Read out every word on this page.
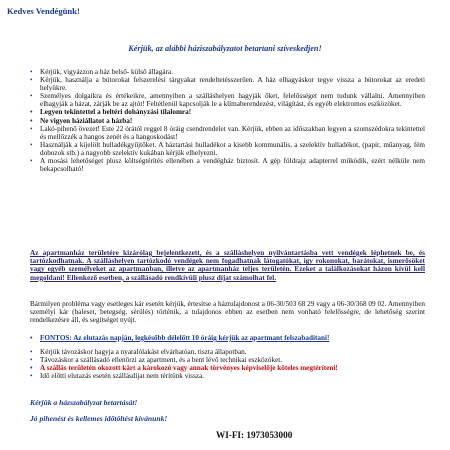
Kedves Vendégünk!
Kérjük, az alábbi háziszabályzatot betartani szíveskedjen!
• Kérjük, vigyázzon a ház belső- külső állagára.
• Kérjük, használja a bútorokat felszerelési tárgyakat rendeltetésszerűen. A ház elhagyáskor tegye vissza a bútorokat az eredeti helyükre.
• Személyes dolgaikra és értékeikre, amennyiben a szálláshelyen hagyják őket, felelősséget nem tudunk vállalni. Amennyiben elhagyják a házat, zárják be az ajtót! Feltétlenül kapcsolják le a klímaberendezést, világítást, és egyéb elektromos eszközöket.
• Legyen tekintettel a beltéri dohányzási tilalomra!
• Ne vigyen háziállatot a házba!
• Lakó-pihenő övezet! Este 22 órától reggel 8 óráig csendrendelet van. Kérjük, ebben az időszakban legyen a szomszédokra tekintettel és mellőzzék a hangos zenét és a hangoskodást!
• Használják a kijelölt hulladékgyűjtőket. A háztartási hulladékot a kisebb kommunális, a szelektív hulladékot, (papír, műanyag, fém dobozok stb.) a nagyobb szelektív kukában kérjük elhelyezni.
• A mosási lehetőséget plusz költségtérítés ellenében a vendégház biztosít. A gép földrajz adapterrel működik, ezért nélküle nem bekapcsolható!
Az apartmanház területére kizárólag bejelentkezett, és a szálláshelyen nyilvántartásba vett vendégek léphetnek be, és tartózkodhatnak. A szálláshelyen tartózkodó vendégek nem fogadhatnak látogatókat, így rokonokat, barátokat, ismerősöket vagy egyéb személyeket az apartmanban, illetve az apartmanház teljes területén. Ezeket a találkozásokat házon kívül kell megoldani! Ellenkező esetben, a szállásadó rendkívüli plusz díjat számolhat fel.
Bármilyen probléma vagy esetleges kár esetén kérjük, értesítse a háztulajdonost a 06-30/503 68 29 vagy a 06-30/368 09 02. Amennyiben személyi kár (baleset, betegség, sérülés) történik, a tulajdonos ebben az esetben nem vonható felelősségre, de lehetőség szerint rendelkezésre áll, és segítséget nyújt.
• FONTOS: Az elutazás napján, legkésőbb délelőtt 10 óráig kérjük az apartmant felszabadítani!
• Kérjük távozáskor hagyja a nyaralólakást elvárhatóan, tiszta állapotban.
• Távozáskor a szállásadó ellenőrzi az apartment, és a bent lévő technikai eszközöket.
• A szállás területén okozott kárt a károkozó vagy annak törvényes képviselője köteles megtéríteni!
• Idő előtti elutazás esetén szállásdíjat nem térítünk vissza.
Kérjük a házszabályzat betartását!
Jó pihenést és kellemes időtöltést kívánunk!
WI-FI: 1973053000
